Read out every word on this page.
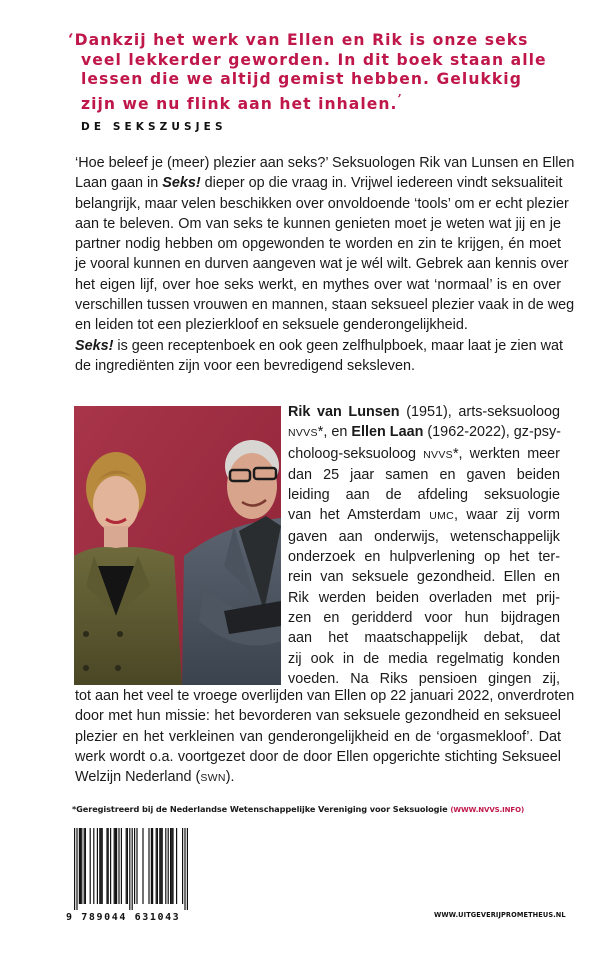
‘Dankzij het werk van Ellen en Rik is onze seks
veel lekkerder geworden. In dit boek staan alle
lessen die we altijd gemist hebben. Gelukkig
zijn we nu flink aan het inhalen.’
DE SEKSZUSJES

‘Hoe beleef je (meer) plezier aan seks?’ Seksuologen Rik van Lunsen en Ellen
Laan gaan in Seks! dieper op die vraag in. Vrijwel iedereen vindt seksualiteit
belangrijk, maar velen beschikken over onvoldoende ‘tools’ om er echt plezier
aan te beleven. Om van seks te kunnen genieten moet je weten wat jij en je
partner nodig hebben om opgewonden te worden en zin te krijgen, én moet
je vooral kunnen en durven aangeven wat je wél wilt. Gebrek aan kennis over
het eigen lijf, over hoe seks werkt, en mythes over wat ‘normaal’ is en over
verschillen tussen vrouwen en mannen, staan seksueel plezier vaak in de weg
en leiden tot een plezierkloof en seksuele genderongelijkheid.

Seks! is geen receptenboek en ook geen zelfhulpboek, maar laat je zien wat
de ingrediënten zijn voor een bevredigend seksleven.

Rik van Lunsen (1951), arts-seksuoloog
NVVS*, en Ellen Laan (1962-2022), gz-psy-
choloog-seksuoloog NVVS*, werkten meer
dan 25 jaar samen en gaven beiden
leiding aan de afdeling seksuologie
van het Amsterdam UMC, waar zij vorm
gaven aan onderwijs, wetenschappelijk
onderzoek en hulpverlening op het ter-
rein van seksuele gezondheid. Ellen en
Rik werden beiden overladen met prij-
zen en geridderd voor hun bijdragen
aan het maatschappelijk debat, dat
zij ook in de media regelmatig konden
voeden. Na Riks pensioen gingen zij,
tot aan het veel te vroege overlijden van Ellen op 22 januari 2022, onverdroten
door met hun missie: het bevorderen van seksuele gezondheid en seksueel
plezier en het verkleinen van genderongelijkheid en de ‘orgasmekloof’. Dat
werk wordt o.a. voortgezet door de door Ellen opgerichte stichting Seksueel
Welzijn Nederland (SWN).
*Geregistreerd bij de Nederlandse Wetenschappelijke Vereniging voor Seksuologie (WWW.NVVS.INFO)
9 789044 631043	WWW.UITGEVERIJPROMETHEUS.NL
